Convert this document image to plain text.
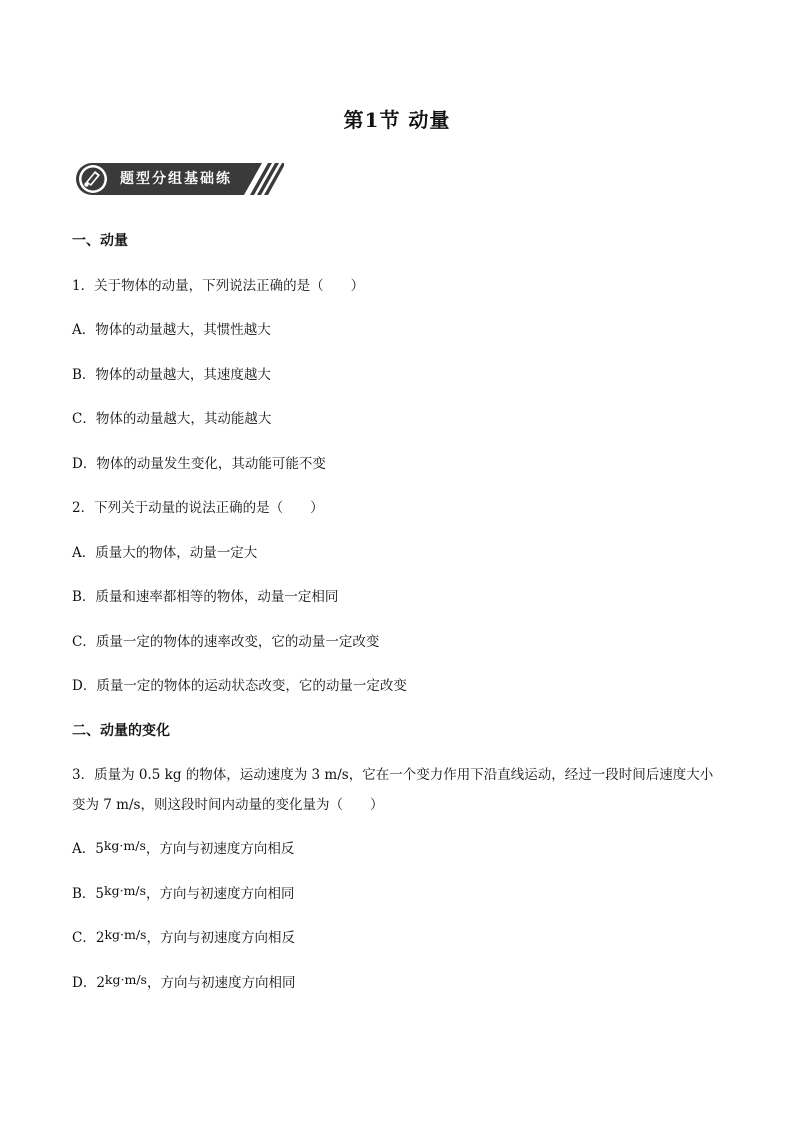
第1节 动量
题型分组基础练
一、动量
1．关于物体的动量，下列说法正确的是（　　）
A．物体的动量越大，其惯性越大
B．物体的动量越大，其速度越大
C．物体的动量越大，其动能越大
D．物体的动量发生变化，其动能可能不变
2．下列关于动量的说法正确的是（　　）
A．质量大的物体，动量一定大
B．质量和速率都相等的物体，动量一定相同
C．质量一定的物体的速率改变，它的动量一定改变
D．质量一定的物体的运动状态改变，它的动量一定改变
二、动量的变化
3．质量为 0.5 kg 的物体，运动速度为 3 m/s，它在一个变力作用下沿直线运动，经过一段时间后速度大小变为 7 m/s，则这段时间内动量的变化量为（　　）
A．5kg·m/s，方向与初速度方向相反
B．5kg·m/s，方向与初速度方向相同
C．2kg·m/s，方向与初速度方向相反
D．2kg·m/s，方向与初速度方向相同
